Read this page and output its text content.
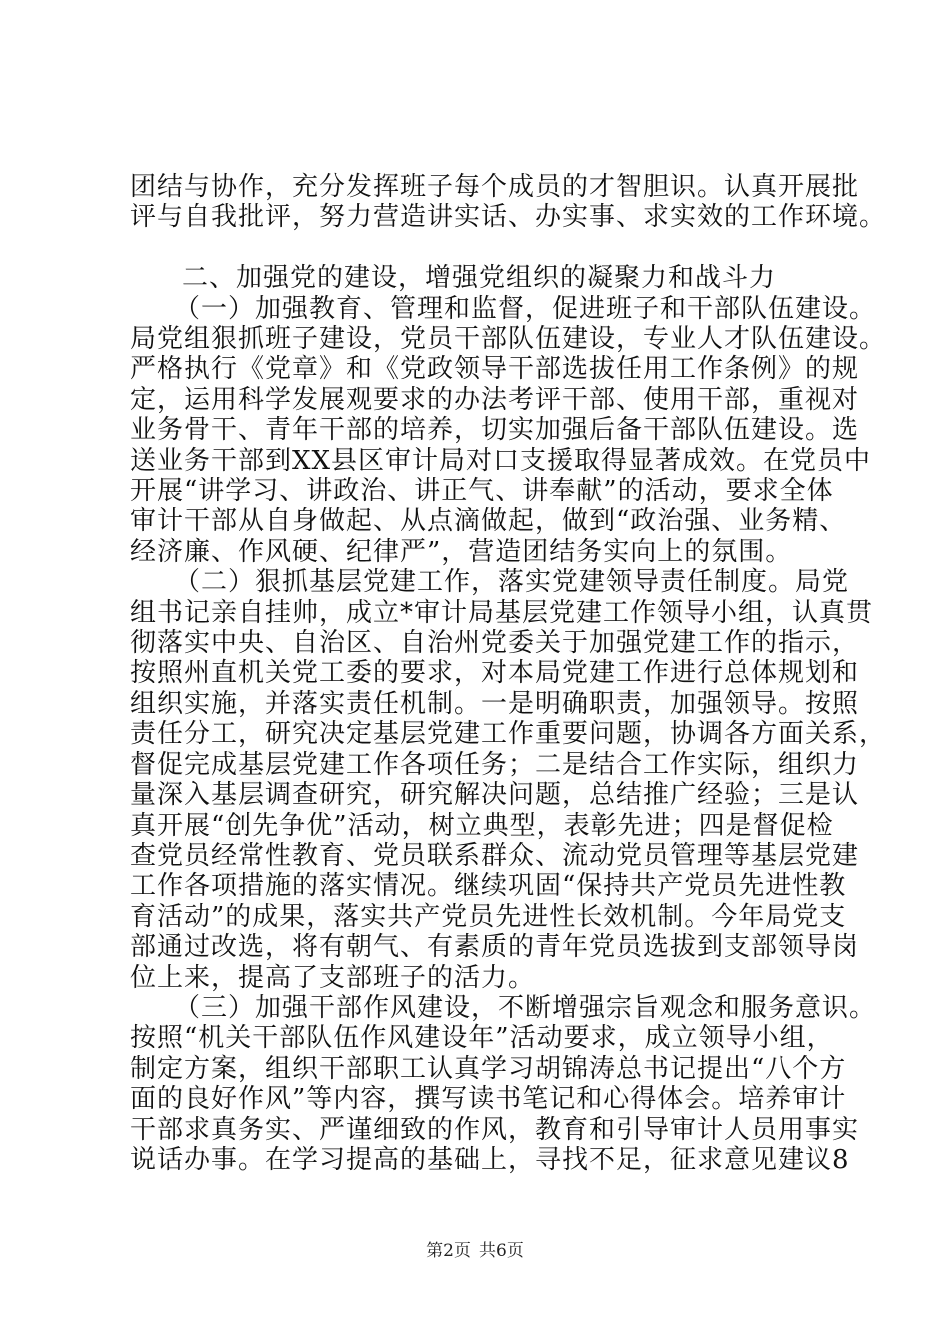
团结与协作，充分发挥班子每个成员的才智胆识。认真开展批
评与自我批评，努力营造讲实话、办实事、求实效的工作环境。
二、加强党的建设，增强党组织的凝聚力和战斗力
（一）加强教育、管理和监督，促进班子和干部队伍建设。
局党组狠抓班子建设，党员干部队伍建设，专业人才队伍建设。
严格执行《党章》和《党政领导干部选拔任用工作条例》的规
定，运用科学发展观要求的办法考评干部、使用干部，重视对
业务骨干、青年干部的培养，切实加强后备干部队伍建设。选
送业务干部到XX县区审计局对口支援取得显著成效。在党员中
开展“讲学习、讲政治、讲正气、讲奉献”的活动，要求全体
审计干部从自身做起、从点滴做起，做到“政治强、业务精、
经济廉、作风硬、纪律严”，营造团结务实向上的氛围。
（二）狠抓基层党建工作，落实党建领导责任制度。局党
组书记亲自挂帅，成立*审计局基层党建工作领导小组，认真贯
彻落实中央、自治区、自治州党委关于加强党建工作的指示，
按照州直机关党工委的要求，对本局党建工作进行总体规划和
组织实施，并落实责任机制。一是明确职责，加强领导。按照
责任分工，研究决定基层党建工作重要问题，协调各方面关系，
督促完成基层党建工作各项任务；二是结合工作实际，组织力
量深入基层调查研究，研究解决问题，总结推广经验；三是认
真开展“创先争优”活动，树立典型，表彰先进；四是督促检
查党员经常性教育、党员联系群众、流动党员管理等基层党建
工作各项措施的落实情况。继续巩固“保持共产党员先进性教
育活动”的成果，落实共产党员先进性长效机制。今年局党支
部通过改选，将有朝气、有素质的青年党员选拔到支部领导岗
位上来，提高了支部班子的活力。
（三）加强干部作风建设，不断增强宗旨观念和服务意识。
按照“机关干部队伍作风建设年”活动要求，成立领导小组，
制定方案，组织干部职工认真学习胡锦涛总书记提出“八个方
面的良好作风”等内容，撰写读书笔记和心得体会。培养审计
干部求真务实、严谨细致的作风，教育和引导审计人员用事实
说话办事。在学习提高的基础上，寻找不足，征求意见建议8
第2页 共6页
